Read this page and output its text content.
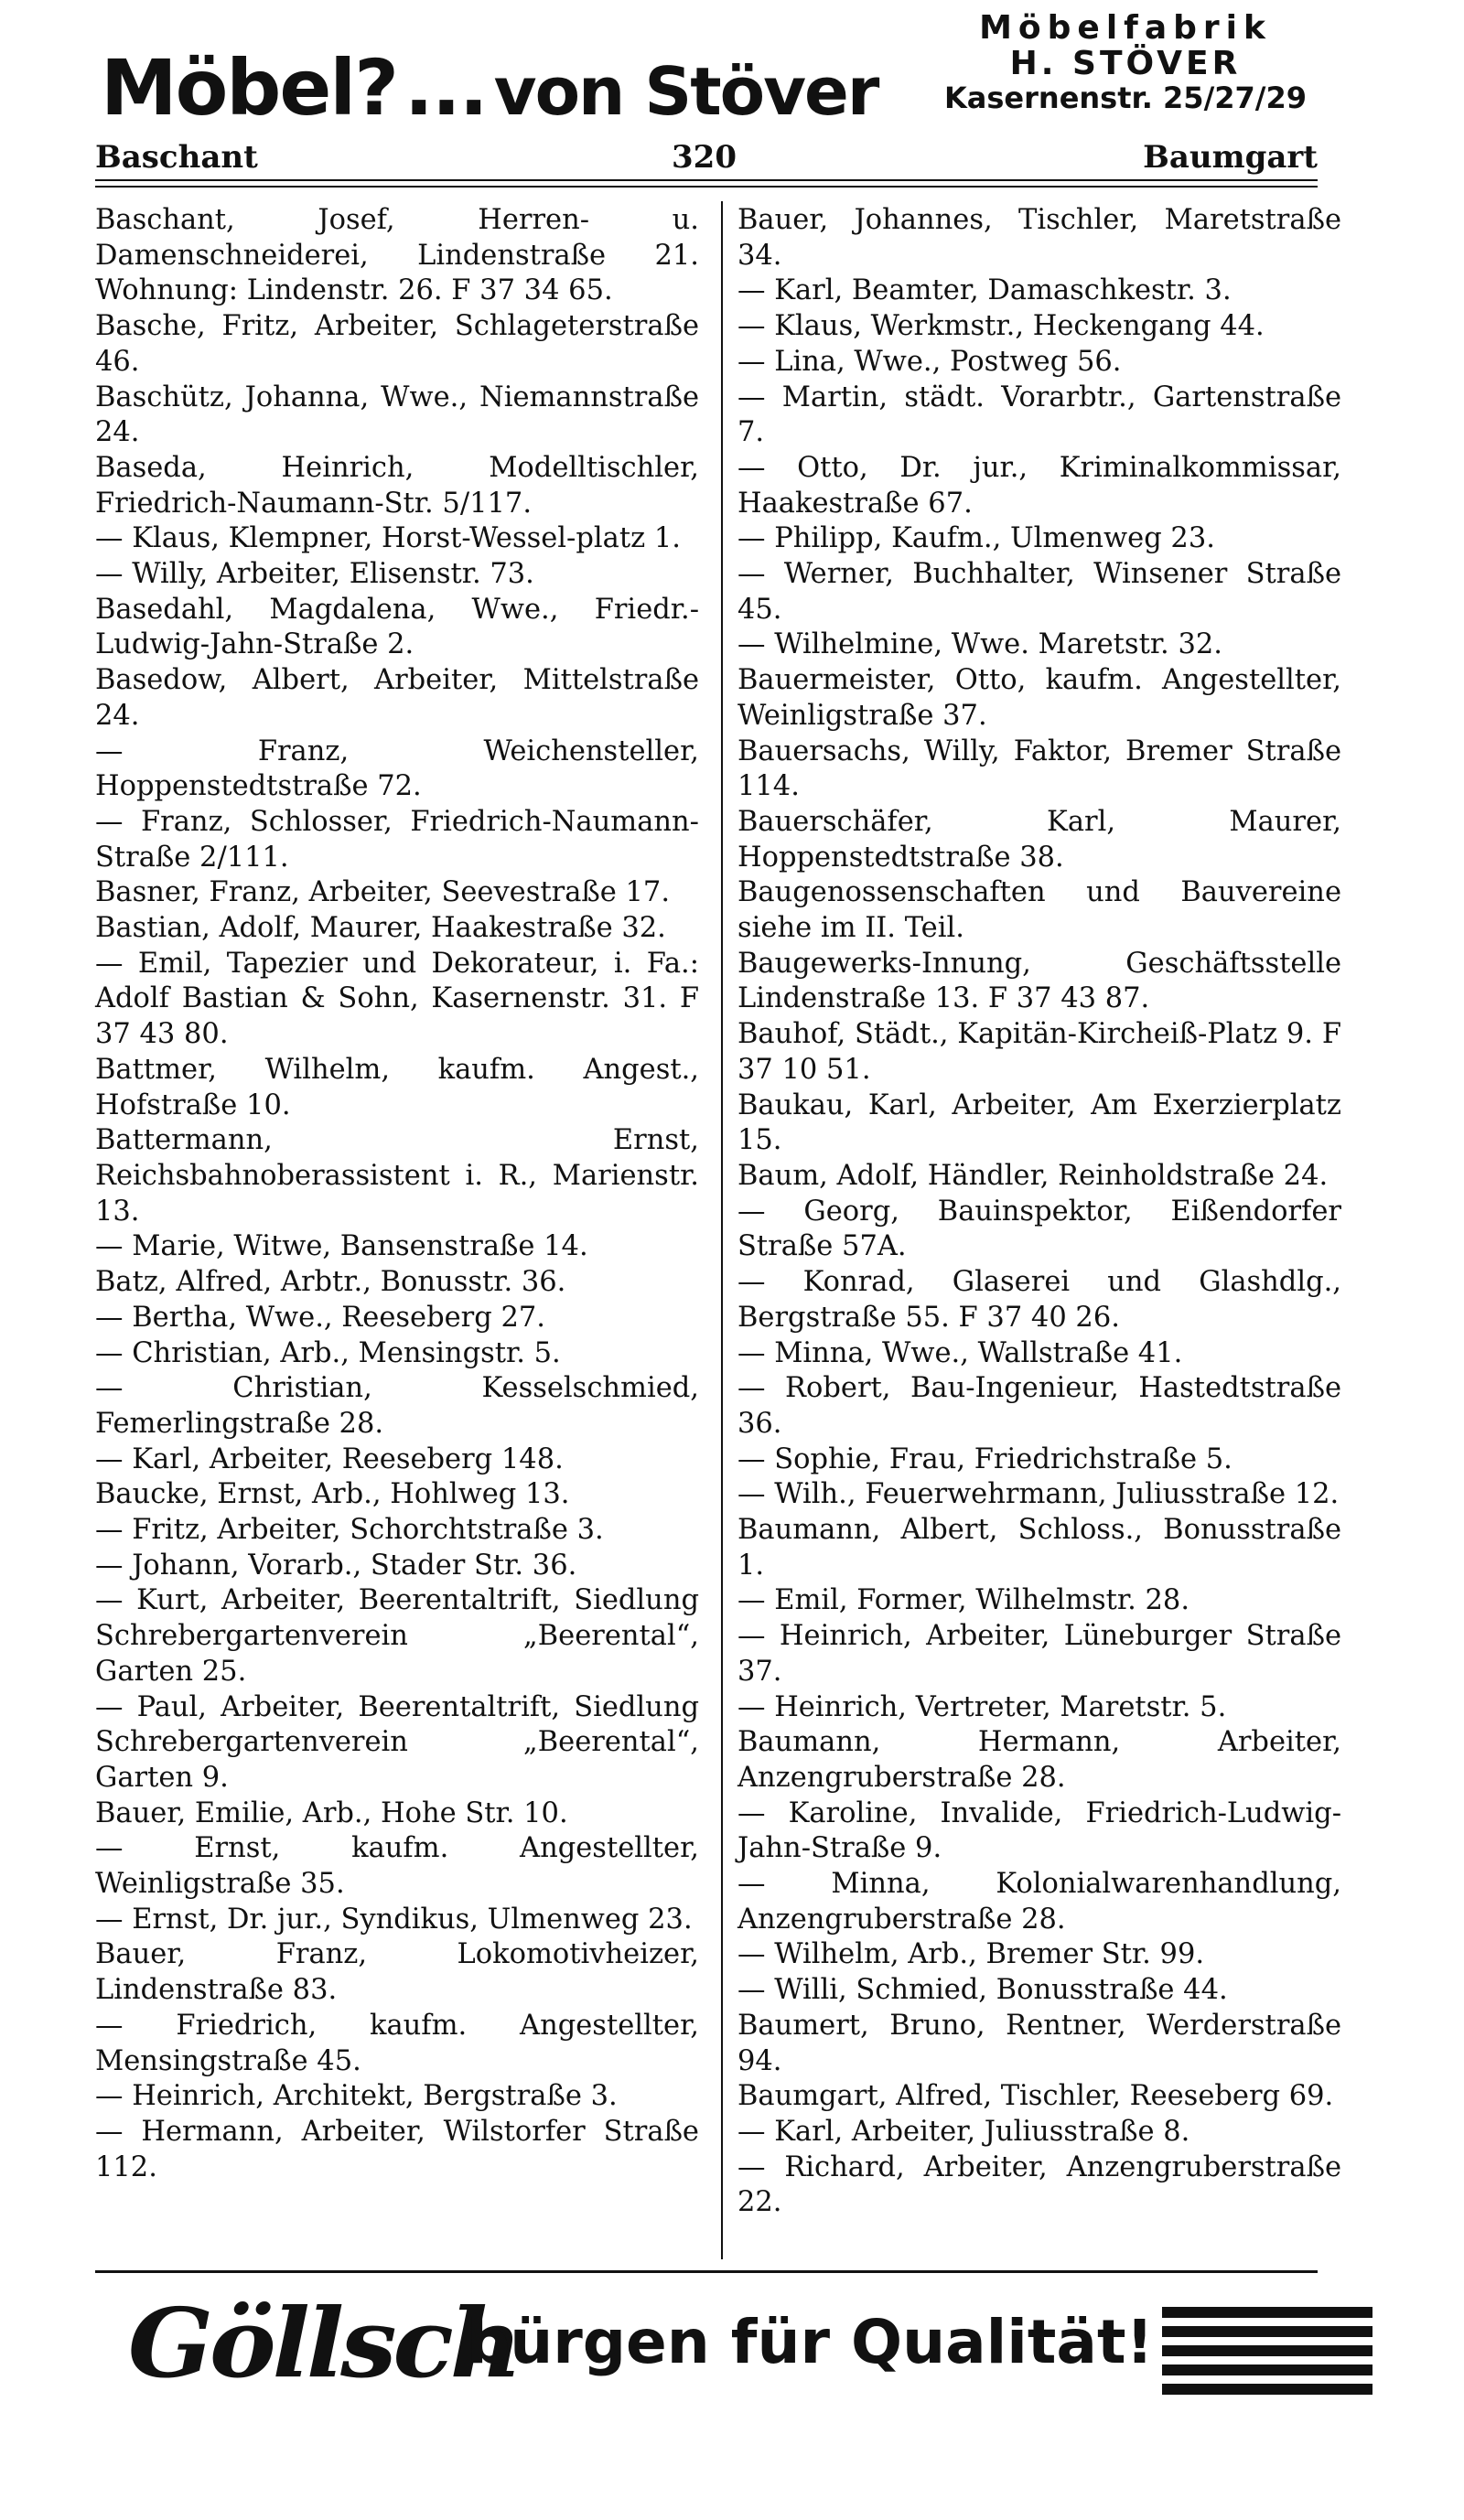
Möbel?... von Stöver
Möbelfabrik
H. STÖVER
Kasernenstr. 25/27/29
Baschant	320	Baumgart
Baschant, Josef, Herren- u. Damenschneiderei, Lindenstraße 21. Wohnung: Lindenstr. 26. F 37 34 65.
Basche, Fritz, Arbeiter, Schlageterstraße 46.
Baschütz, Johanna, Wwe., Niemannstraße 24.
Baseda, Heinrich, Modelltischler, Friedrich-Naumann-Str. 5/117.
— Klaus, Klempner, Horst-Wessel-platz 1.
— Willy, Arbeiter, Elisenstr. 73.
Basedahl, Magdalena, Wwe., Friedr.-Ludwig-Jahn-Straße 2.
Basedow, Albert, Arbeiter, Mittelstraße 24.
— Franz, Weichensteller, Hoppenstedtstraße 72.
— Franz, Schlosser, Friedrich-Naumann-Straße 2/111.
Basner, Franz, Arbeiter, Seevestraße 17.
Bastian, Adolf, Maurer, Haakestraße 32.
— Emil, Tapezier und Dekorateur, i. Fa.: Adolf Bastian & Sohn, Kasernenstr. 31. F 37 43 80.
Battmer, Wilhelm, kaufm. Angest., Hofstraße 10.
Battermann, Ernst, Reichsbahnoberassistent i. R., Marienstr. 13.
— Marie, Witwe, Bansenstraße 14.
Batz, Alfred, Arbtr., Bonusstr. 36.
— Bertha, Wwe., Reeseberg 27.
— Christian, Arb., Mensingstr. 5.
— Christian, Kesselschmied, Femerlingstraße 28.
— Karl, Arbeiter, Reeseberg 148.
Baucke, Ernst, Arb., Hohlweg 13.
— Fritz, Arbeiter, Schorchtstraße 3.
— Johann, Vorarb., Stader Str. 36.
— Kurt, Arbeiter, Beerentaltrift, Siedlung Schrebergartenverein „Beerental“, Garten 25.
— Paul, Arbeiter, Beerentaltrift, Siedlung Schrebergartenverein „Beerental“, Garten 9.
Bauer, Emilie, Arb., Hohe Str. 10.
— Ernst, kaufm. Angestellter, Weinligstraße 35.
— Ernst, Dr. jur., Syndikus, Ulmenweg 23.
Bauer, Franz, Lokomotivheizer, Lindenstraße 83.
— Friedrich, kaufm. Angestellter, Mensingstraße 45.
— Heinrich, Architekt, Bergstraße 3.
— Hermann, Arbeiter, Wilstorfer Straße 112.
Bauer, Johannes, Tischler, Maretstraße 34.
— Karl, Beamter, Damaschkestr. 3.
— Klaus, Werkmstr., Heckengang 44.
— Lina, Wwe., Postweg 56.
— Martin, städt. Vorarbtr., Gartenstraße 7.
— Otto, Dr. jur., Kriminalkommissar, Haakestraße 67.
— Philipp, Kaufm., Ulmenweg 23.
— Werner, Buchhalter, Winsener Straße 45.
— Wilhelmine, Wwe. Maretstr. 32.
Bauermeister, Otto, kaufm. Angestellter, Weinligstraße 37.
Bauersachs, Willy, Faktor, Bremer Straße 114.
Bauerschäfer, Karl, Maurer, Hoppenstedtstraße 38.
Baugenossenschaften und Bauvereine siehe im II. Teil.
Baugewerks-Innung, Geschäftsstelle Lindenstraße 13. F 37 43 87.
Bauhof, Städt., Kapitän-Kircheiß-Platz 9. F 37 10 51.
Baukau, Karl, Arbeiter, Am Exerzierplatz 15.
Baum, Adolf, Händler, Reinholdstraße 24.
— Georg, Bauinspektor, Eißendorfer Straße 57A.
— Konrad, Glaserei und Glashdlg., Bergstraße 55. F 37 40 26.
— Minna, Wwe., Wallstraße 41.
— Robert, Bau-Ingenieur, Hastedtstraße 36.
— Sophie, Frau, Friedrichstraße 5.
— Wilh., Feuerwehrmann, Juliusstraße 12.
Baumann, Albert, Schloss., Bonusstraße 1.
— Emil, Former, Wilhelmstr. 28.
— Heinrich, Arbeiter, Lüneburger Straße 37.
— Heinrich, Vertreter, Maretstr. 5.
Baumann, Hermann, Arbeiter, Anzengruberstraße 28.
— Karoline, Invalide, Friedrich-Ludwig-Jahn-Straße 9.
— Minna, Kolonialwarenhandlung, Anzengruberstraße 28.
— Wilhelm, Arb., Bremer Str. 99.
— Willi, Schmied, Bonusstraße 44.
Baumert, Bruno, Rentner, Werderstraße 94.
Baumgart, Alfred, Tischler, Reeseberg 69.
— Karl, Arbeiter, Juliusstraße 8.
— Richard, Arbeiter, Anzengruberstraße 22.
Göllsch
bürgen für Qualität!
